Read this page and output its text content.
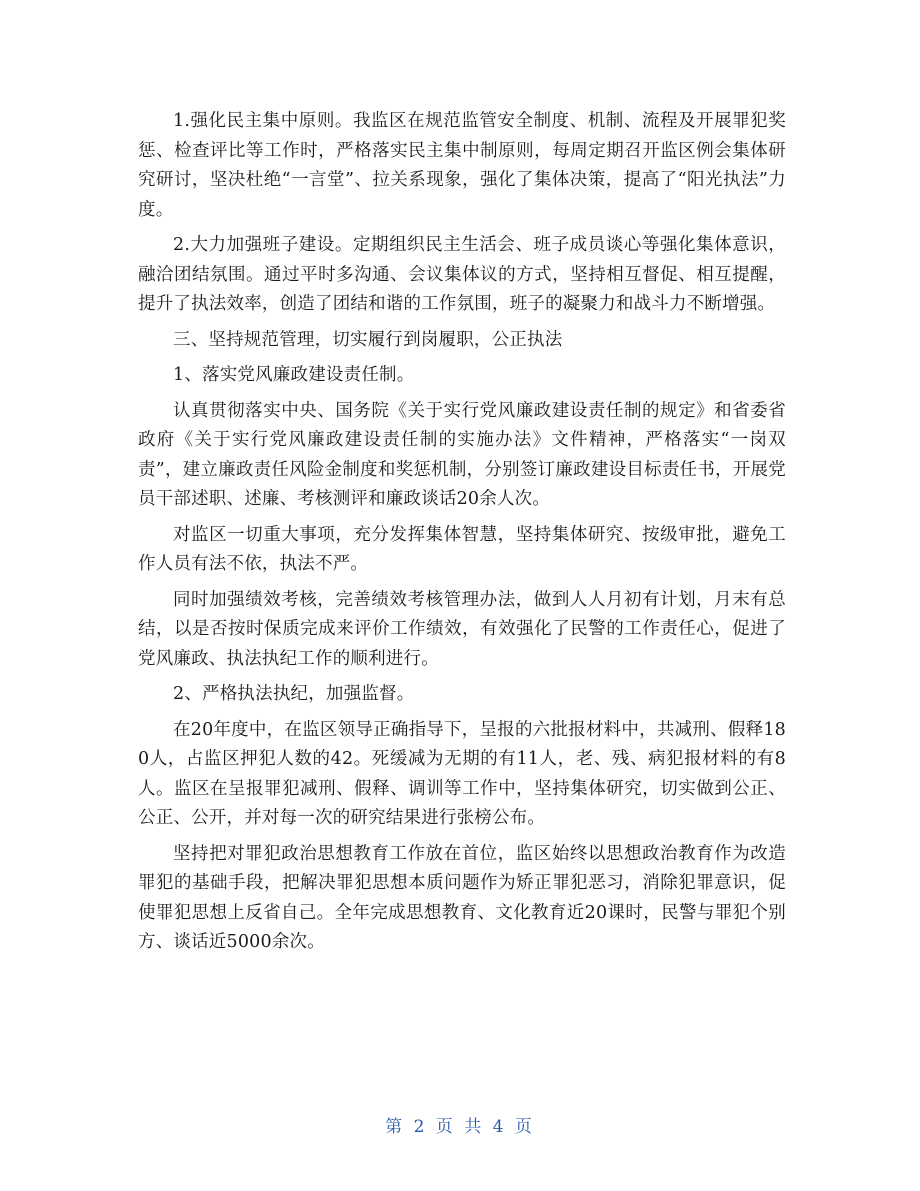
1.强化民主集中原则。我监区在规范监管安全制度、机制、流程及开展罪犯奖惩、检查评比等工作时，严格落实民主集中制原则，每周定期召开监区例会集体研究研讨，坚决杜绝“一言堂”、拉关系现象，强化了集体决策，提高了“阳光执法”力度。

2.大力加强班子建设。定期组织民主生活会、班子成员谈心等强化集体意识，融洽团结氛围。通过平时多沟通、会议集体议的方式，坚持相互督促、相互提醒，提升了执法效率，创造了团结和谐的工作氛围，班子的凝聚力和战斗力不断增强。

三、坚持规范管理，切实履行到岗履职，公正执法

1、落实党风廉政建设责任制。

认真贯彻落实中央、国务院《关于实行党风廉政建设责任制的规定》和省委省政府《关于实行党风廉政建设责任制的实施办法》文件精神，严格落实“一岗双责”，建立廉政责任风险金制度和奖惩机制，分别签订廉政建设目标责任书，开展党员干部述职、述廉、考核测评和廉政谈话20余人次。

对监区一切重大事项，充分发挥集体智慧，坚持集体研究、按级审批，避免工作人员有法不依，执法不严。

同时加强绩效考核，完善绩效考核管理办法，做到人人月初有计划，月末有总结，以是否按时保质完成来评价工作绩效，有效强化了民警的工作责任心，促进了党风廉政、执法执纪工作的顺利进行。

2、严格执法执纪，加强监督。

在20年度中，在监区领导正确指导下，呈报的六批报材料中，共减刑、假释180人，占监区押犯人数的42。死缓减为无期的有11人，老、残、病犯报材料的有8人。监区在呈报罪犯减刑、假释、调训等工作中，坚持集体研究，切实做到公正、公正、公开，并对每一次的研究结果进行张榜公布。

坚持把对罪犯政治思想教育工作放在首位，监区始终以思想政治教育作为改造罪犯的基础手段，把解决罪犯思想本质问题作为矫正罪犯恶习，消除犯罪意识，促使罪犯思想上反省自己。全年完成思想教育、文化教育近20课时，民警与罪犯个别方、谈话近5000余次。

第 2 页 共 4 页
